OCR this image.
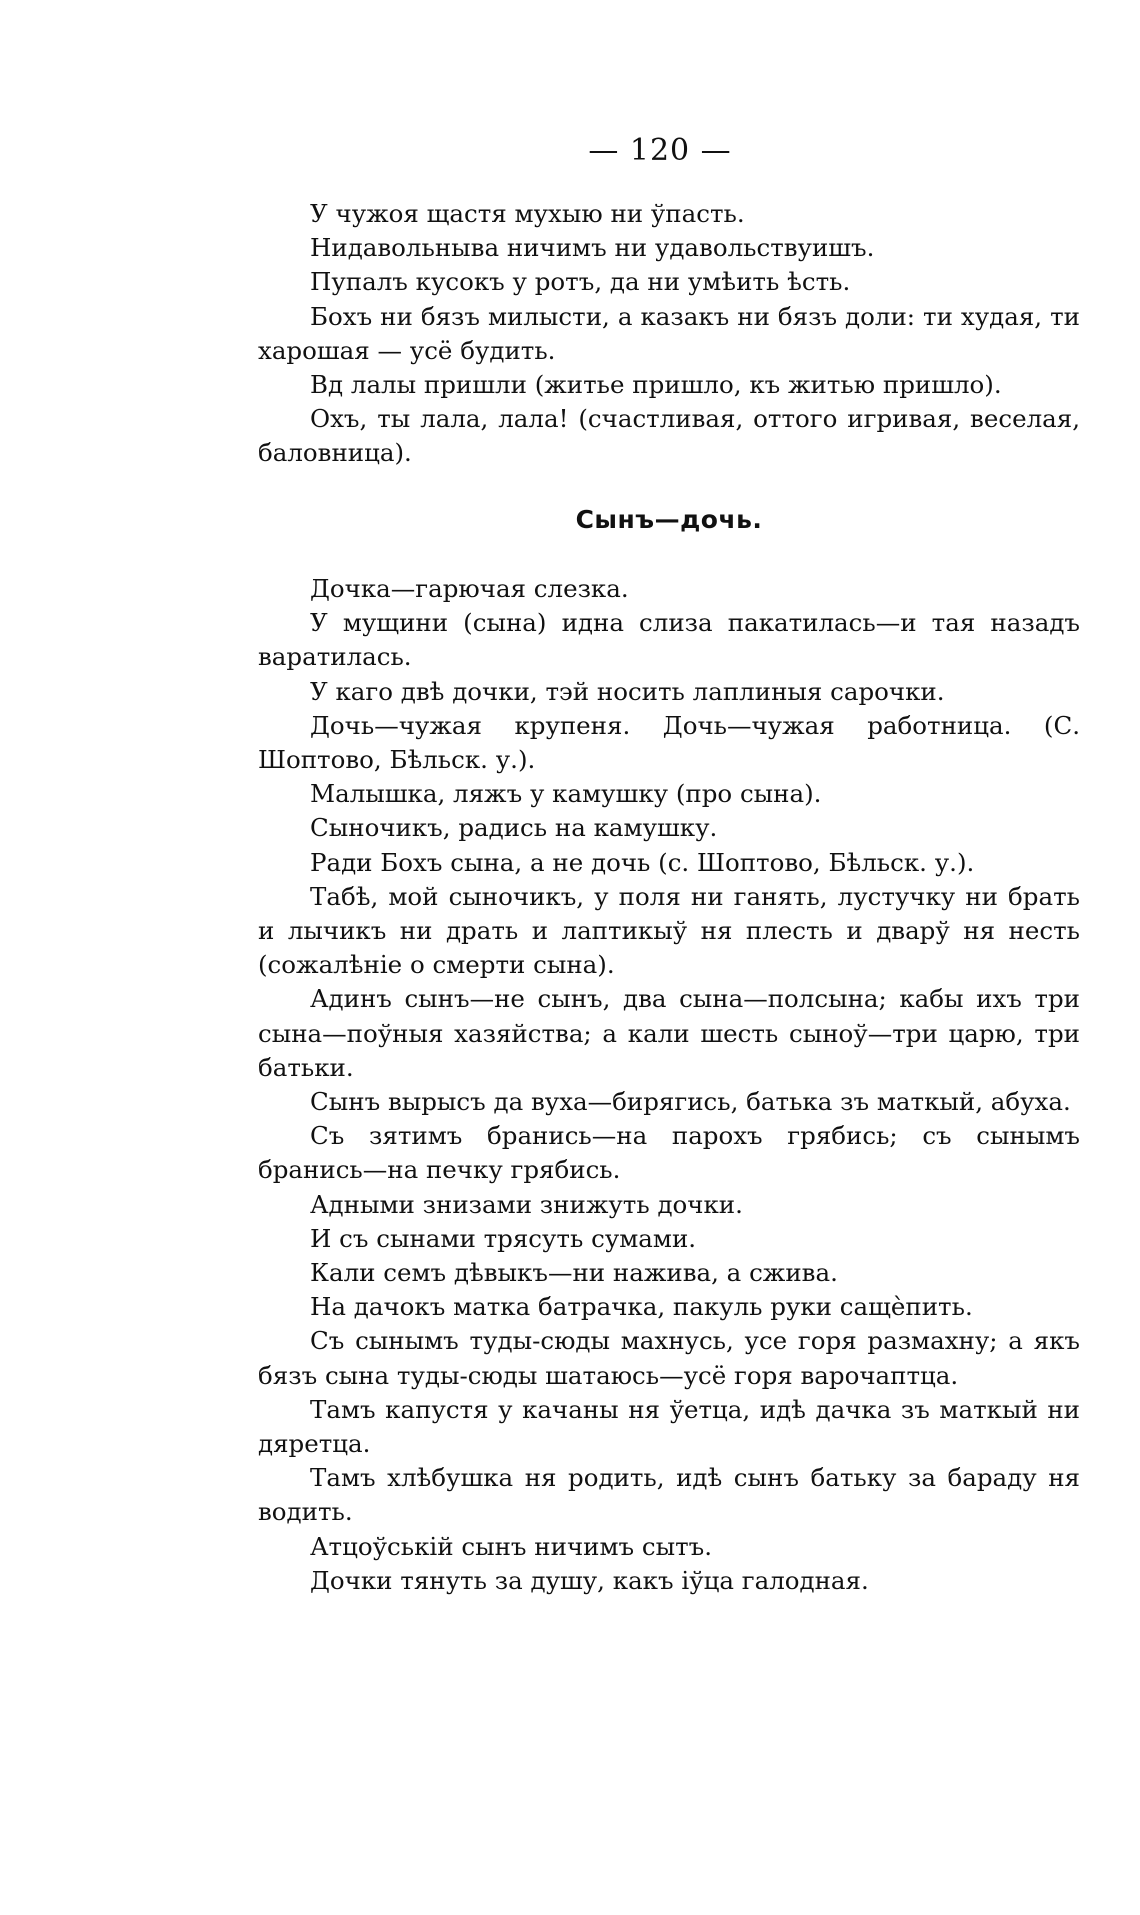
— 120 —

У чужоя щастя мухыю ни ўпасть.

Нидавольныва ничимъ ни удавольствуишъ.

Пупалъ кусокъ у ротъ, да ни умѣить ѣсть.

Бохъ ни бязъ милысти, а казакъ ни бязъ доли: ти худая, ти харошая — усё будить.

Вд лалы пришли (житье пришло, къ житью пришло).

Охъ, ты лала, лала! (счастливая, оттого игривая, веселая, баловница).

Сынъ—дочь.

Дочка—гарючая слезка.

У мущини (сына) идна слиза пакатилась—и тая назадъ варатилась.

У каго двѣ дочки, тэй носить лаплиныя сарочки.

Дочь—чужая крупеня. Дочь—чужая работница. (С. Шоптово, Бѣльск. у.).

Малышка, ляжъ у камушку (про сына).

Сыночикъ, радись на камушку.

Ради Бохъ сына, а не дочь (с. Шоптово, Бѣльск. у.).

Табѣ, мой сыночикъ, у поля ни ганять, лустучку ни брать и лычикъ ни драть и лаптикыў ня плесть и дварў ня несть (сожалѣніе о смерти сына).

Адинъ сынъ—не сынъ, два сына—полсына; кабы ихъ три сына—поўныя хазяйства; а кали шесть сыноў—три царю, три батьки.

Сынъ вырысъ да вуха—бирягись, батька зъ маткый, абуха.

Съ зятимъ бранись—на парохъ грябись; съ сынымъ бранись—на печку грябись.

Адными знизами знижуть дочки.

И съ сынами трясуть сумами.

Кали семъ дѣвыкъ—ни нажива, а сжива.

На дачокъ матка батрачка, пакуль руки сащѐпить.

Съ сынымъ туды-сюды махнусь, усе горя размахну; а якъ бязъ сына туды-сюды шатаюсь—усё горя варочаптца.

Тамъ капустя у качаны ня ўетца, идѣ дачка зъ маткый ни дяретца.

Тамъ хлѣбушка ня родить, идѣ сынъ батьку за бараду ня водить.

Атцоўській сынъ ничимъ сытъ.

Дочки тянуть за душу, какъ іўца галодная.
